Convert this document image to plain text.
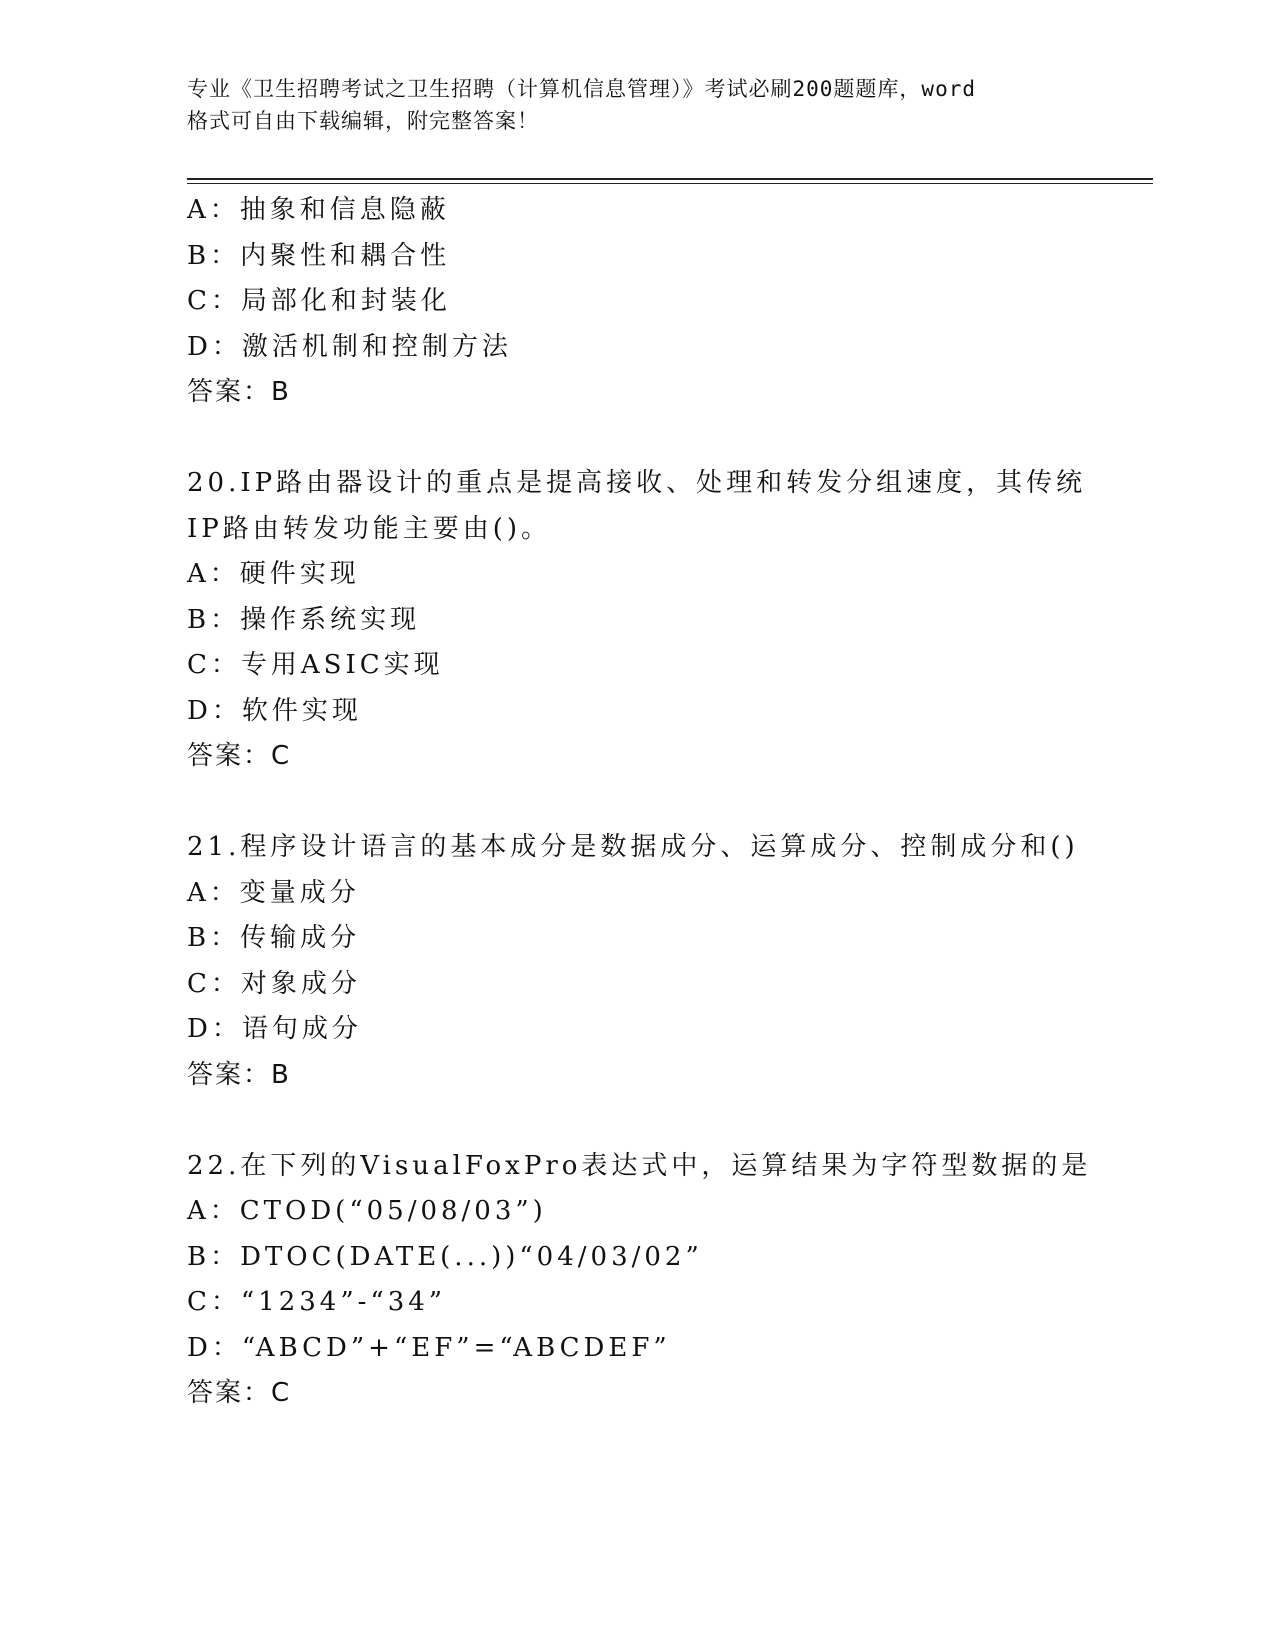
专业《卫生招聘考试之卫生招聘（计算机信息管理）》考试必刷200题题库，word
格式可自由下载编辑，附完整答案！
A：抽象和信息隐蔽
B：内聚性和耦合性
C：局部化和封装化
D：激活机制和控制方法
答案：B
20.IP路由器设计的重点是提高接收、处理和转发分组速度，其传统
IP路由转发功能主要由()。
A：硬件实现
B：操作系统实现
C：专用ASIC实现
D：软件实现
答案：C
21.程序设计语言的基本成分是数据成分、运算成分、控制成分和()
A：变量成分
B：传输成分
C：对象成分
D：语句成分
答案：B
22.在下列的VisualFoxPro表达式中，运算结果为字符型数据的是
A：CTOD(“05/08/03”)
B：DTOC(DATE(...))“04/03/02”
C：“1234”-“34”
D：“ABCD”+“EF”=“ABCDEF”
答案：C
